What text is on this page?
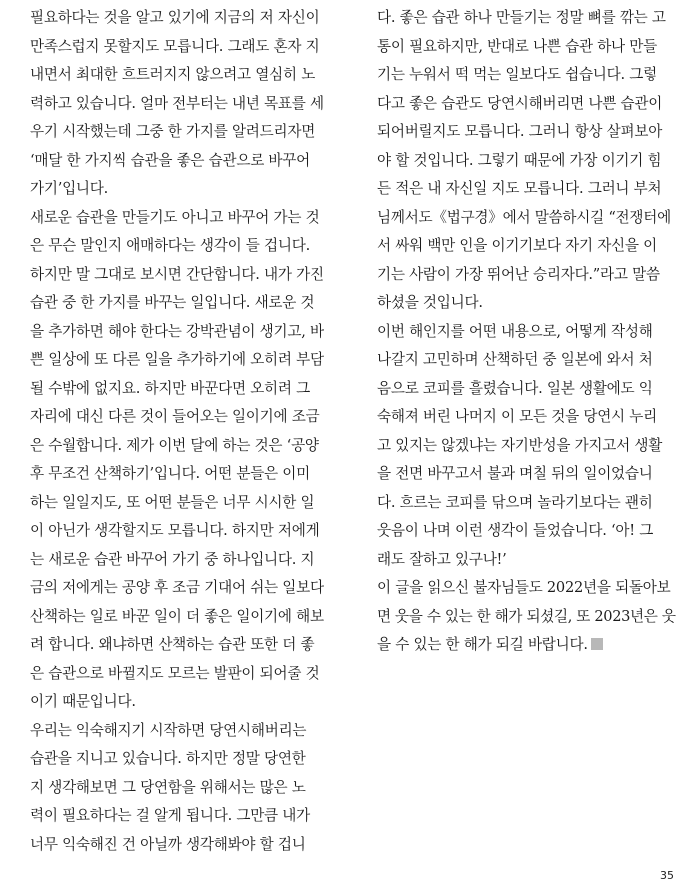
필요하다는 것을 알고 있기에 지금의 저 자신이
만족스럽지 못할지도 모릅니다. 그래도 혼자 지
내면서 최대한 흐트러지지 않으려고 열심히 노
력하고 있습니다. 얼마 전부터는 내년 목표를 세
우기 시작했는데 그중 한 가지를 알려드리자면
‘매달 한 가지씩 습관을 좋은 습관으로 바꾸어
가기’입니다.
새로운 습관을 만들기도 아니고 바꾸어 가는 것
은 무슨 말인지 애매하다는 생각이 들 겁니다.
하지만 말 그대로 보시면 간단합니다. 내가 가진
습관 중 한 가지를 바꾸는 일입니다. 새로운 것
을 추가하면 해야 한다는 강박관념이 생기고, 바
쁜 일상에 또 다른 일을 추가하기에 오히려 부담
될 수밖에 없지요. 하지만 바꾼다면 오히려 그
자리에 대신 다른 것이 들어오는 일이기에 조금
은 수월합니다. 제가 이번 달에 하는 것은 ‘공양
후 무조건 산책하기’입니다. 어떤 분들은 이미
하는 일일지도, 또 어떤 분들은 너무 시시한 일
이 아닌가 생각할지도 모릅니다. 하지만 저에게
는 새로운 습관 바꾸어 가기 중 하나입니다. 지
금의 저에게는 공양 후 조금 기대어 쉬는 일보다
산책하는 일로 바꾼 일이 더 좋은 일이기에 해보
려 합니다. 왜냐하면 산책하는 습관 또한 더 좋
은 습관으로 바뀔지도 모르는 발판이 되어줄 것
이기 때문입니다.
우리는 익숙해지기 시작하면 당연시해버리는
습관을 지니고 있습니다. 하지만 정말 당연한
지 생각해보면 그 당연함을 위해서는 많은 노
력이 필요하다는 걸 알게 됩니다. 그만큼 내가
너무 익숙해진 건 아닐까 생각해봐야 할 겁니
다. 좋은 습관 하나 만들기는 정말 뼈를 깎는 고
통이 필요하지만, 반대로 나쁜 습관 하나 만들
기는 누워서 떡 먹는 일보다도 쉽습니다. 그렇
다고 좋은 습관도 당연시해버리면 나쁜 습관이
되어버릴지도 모릅니다. 그러니 항상 살펴보아
야 할 것입니다. 그렇기 때문에 가장 이기기 힘
든 적은 내 자신일 지도 모릅니다. 그러니 부처
님께서도《법구경》에서 말씀하시길 “전쟁터에
서 싸워 백만 인을 이기기보다 자기 자신을 이
기는 사람이 가장 뛰어난 승리자다.”라고 말씀
하셨을 것입니다.
이번 해인지를 어떤 내용으로, 어떻게 작성해
나갈지 고민하며 산책하던 중 일본에 와서 처
음으로 코피를 흘렸습니다. 일본 생활에도 익
숙해져 버린 나머지 이 모든 것을 당연시 누리
고 있지는 않겠냐는 자기반성을 가지고서 생활
을 전면 바꾸고서 불과 며칠 뒤의 일이었습니
다. 흐르는 코피를 닦으며 놀라기보다는 괜히
웃음이 나며 이런 생각이 들었습니다. ‘아! 그
래도 잘하고 있구나!’
이 글을 읽으신 불자님들도 2022년을 되돌아보
면 웃을 수 있는 한 해가 되셨길, 또 2023년은 웃
을 수 있는 한 해가 되길 바랍니다.
35
